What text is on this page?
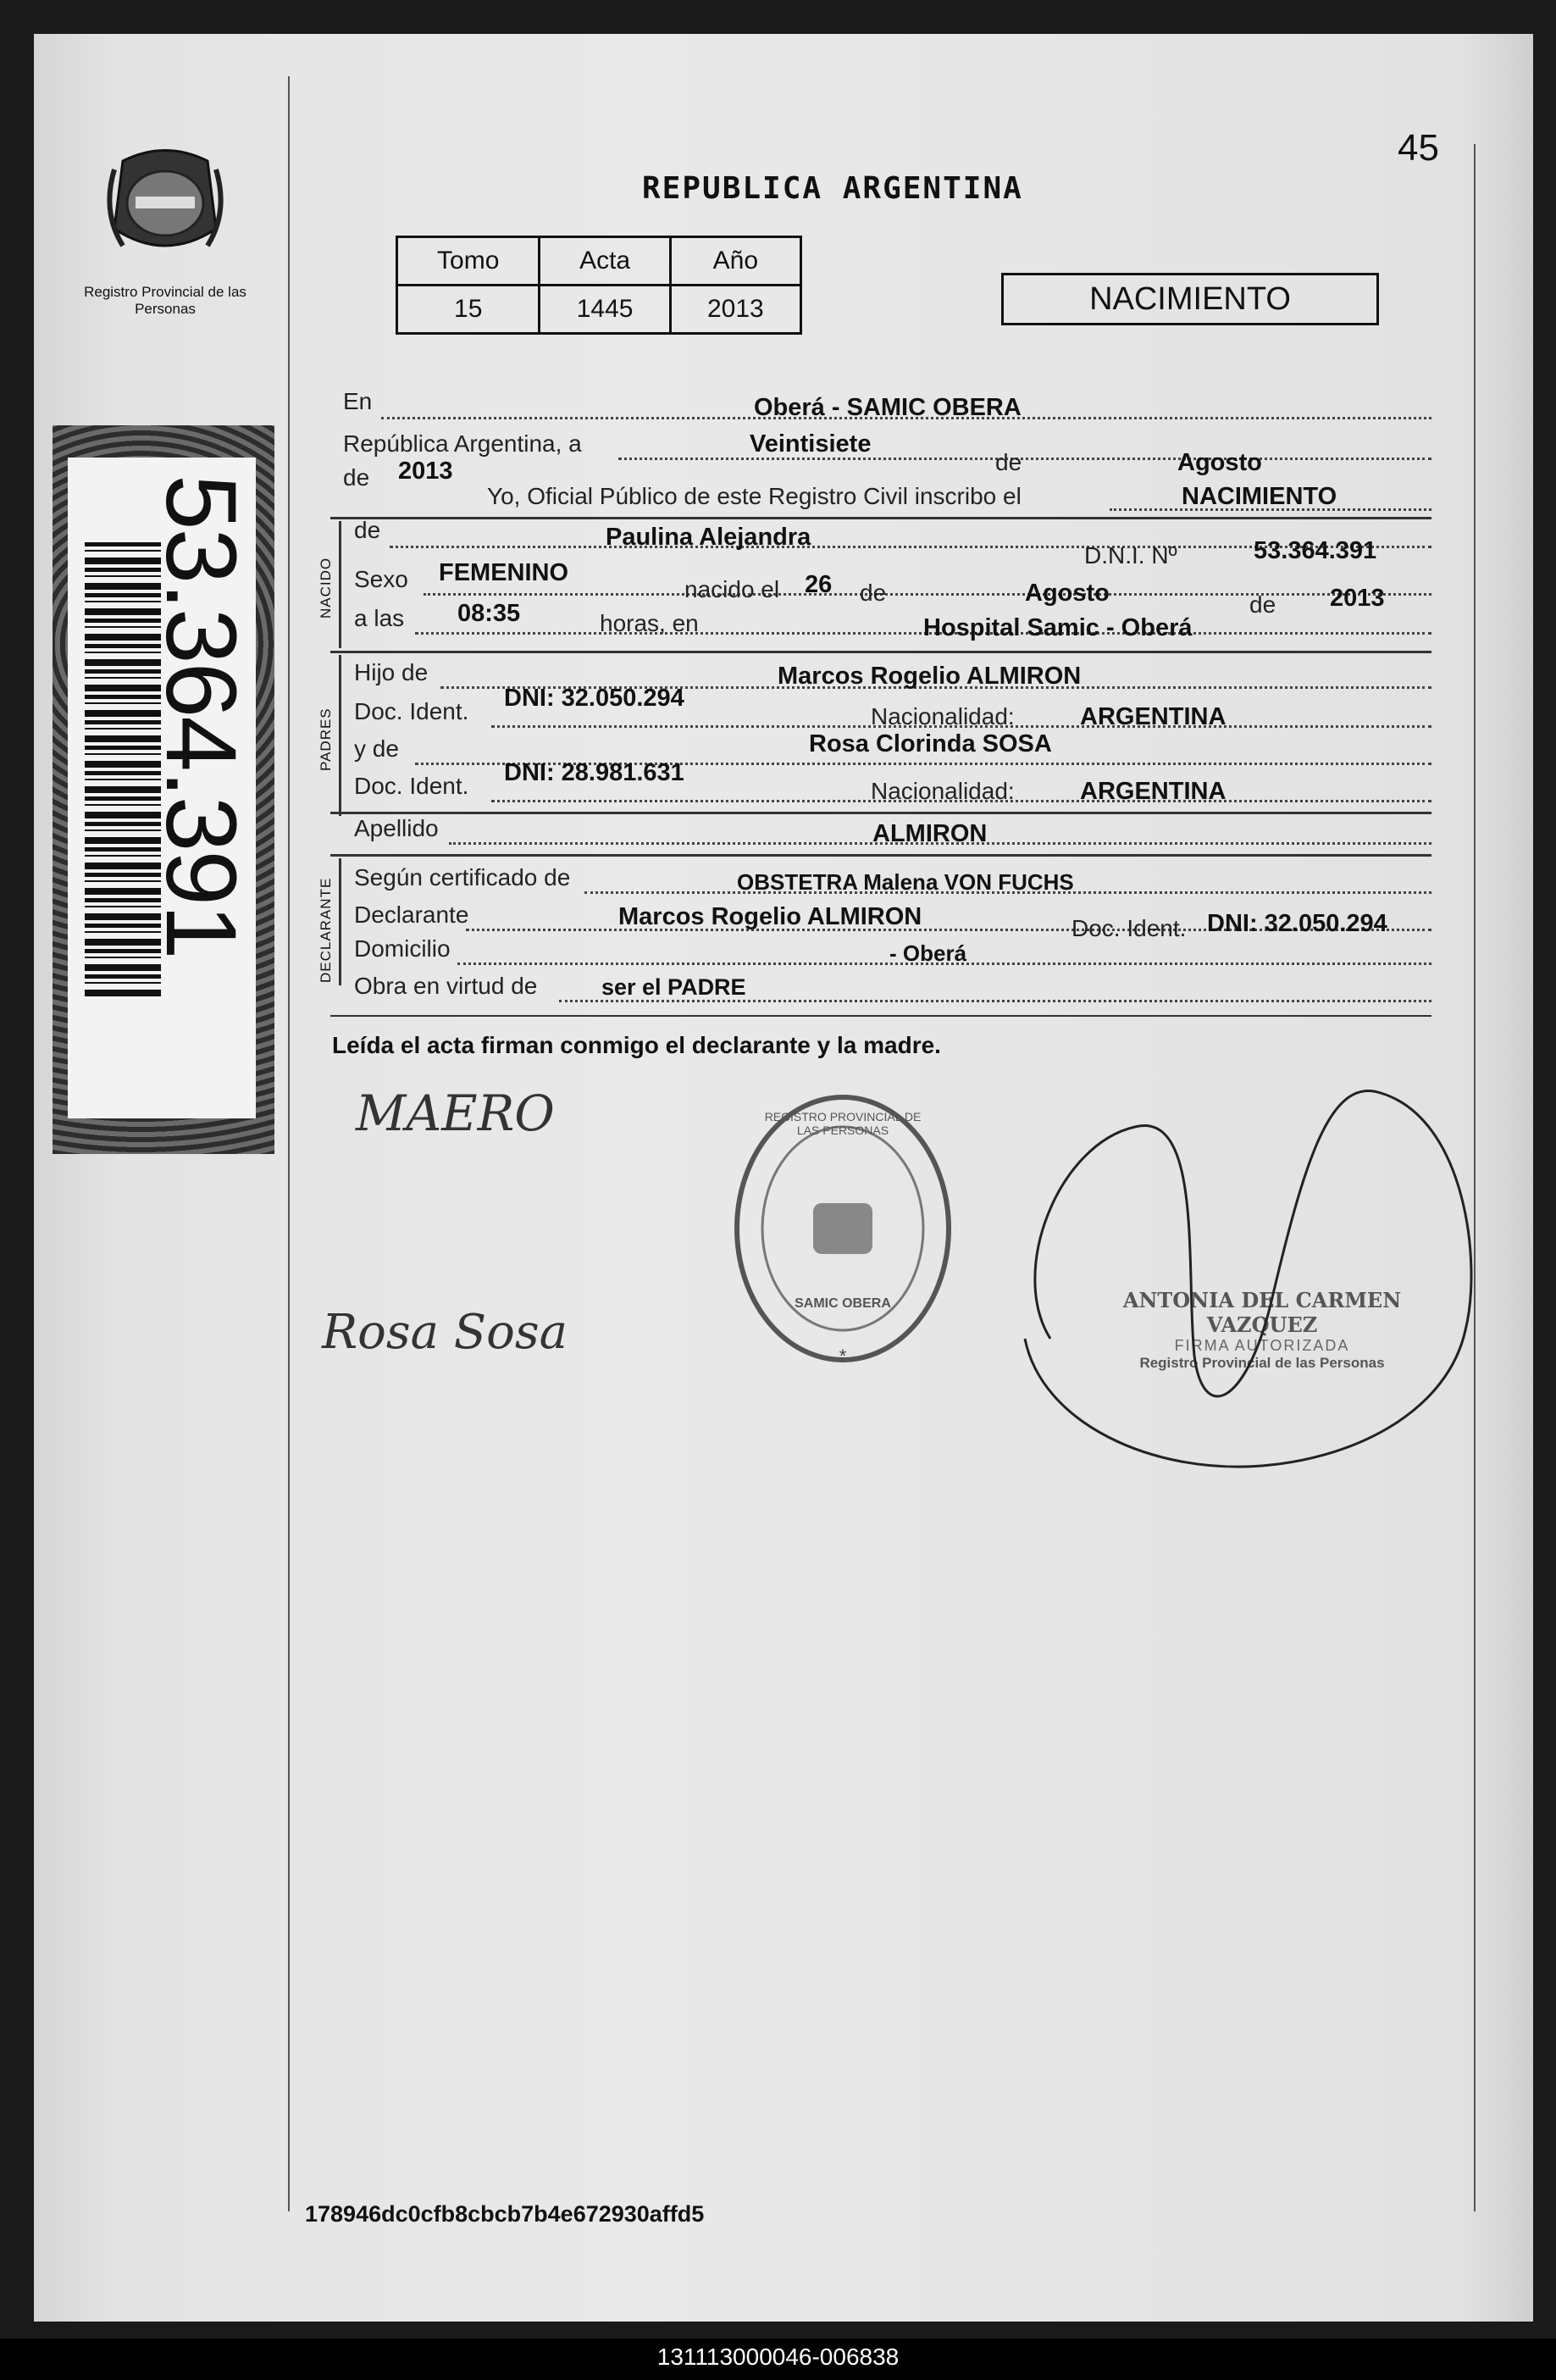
Registro Provincial de las Personas
53.364.391
45
REPUBLICA ARGENTINA
Tomo	Acta	Año
15	1445	2013	NACIMIENTO
En	Oberá - SAMIC OBERA
República Argentina, a	Veintisiete
de	Agosto
de 2013
Yo, Oficial Público de este Registro Civil inscribo el	NACIMIENTO
NACIDO
de	Paulina Alejandra
D.N.I. Nº	53.364.391
Sexo FEMENINO
nacido el 26 de	Agosto	de 2013
a las 08:35	horas, en	Hospital Samic - Oberá
PADRES
Hijo de	Marcos Rogelio ALMIRON
Doc. Ident. DNI: 32.050.294
Nacionalidad:	ARGENTINA
y de	Rosa Clorinda SOSA
Doc. Ident. DNI: 28.981.631
Nacionalidad:	ARGENTINA
Apellido	ALMIRON
DECLARANTE
Según certificado de	OBSTETRA Malena VON FUCHS
Declarante	Marcos Rogelio ALMIRON	Doc. Ident. DNI: 32.050.294
Domicilio	- Oberá
Obra en virtud de	ser el PADRE
Leída el acta firman conmigo el declarante y la madre.
MAERO
Rosa Sosa	*
REGISTRO PROVINCIAL DE LAS PERSONAS
SAMIC OBERA	ANTONIA DEL CARMEN VAZQUEZ
FIRMA AUTORIZADA
Registro Provincial de las Personas
178946dc0cfb8cbcb7b4e672930affd5
131113000046-006838
